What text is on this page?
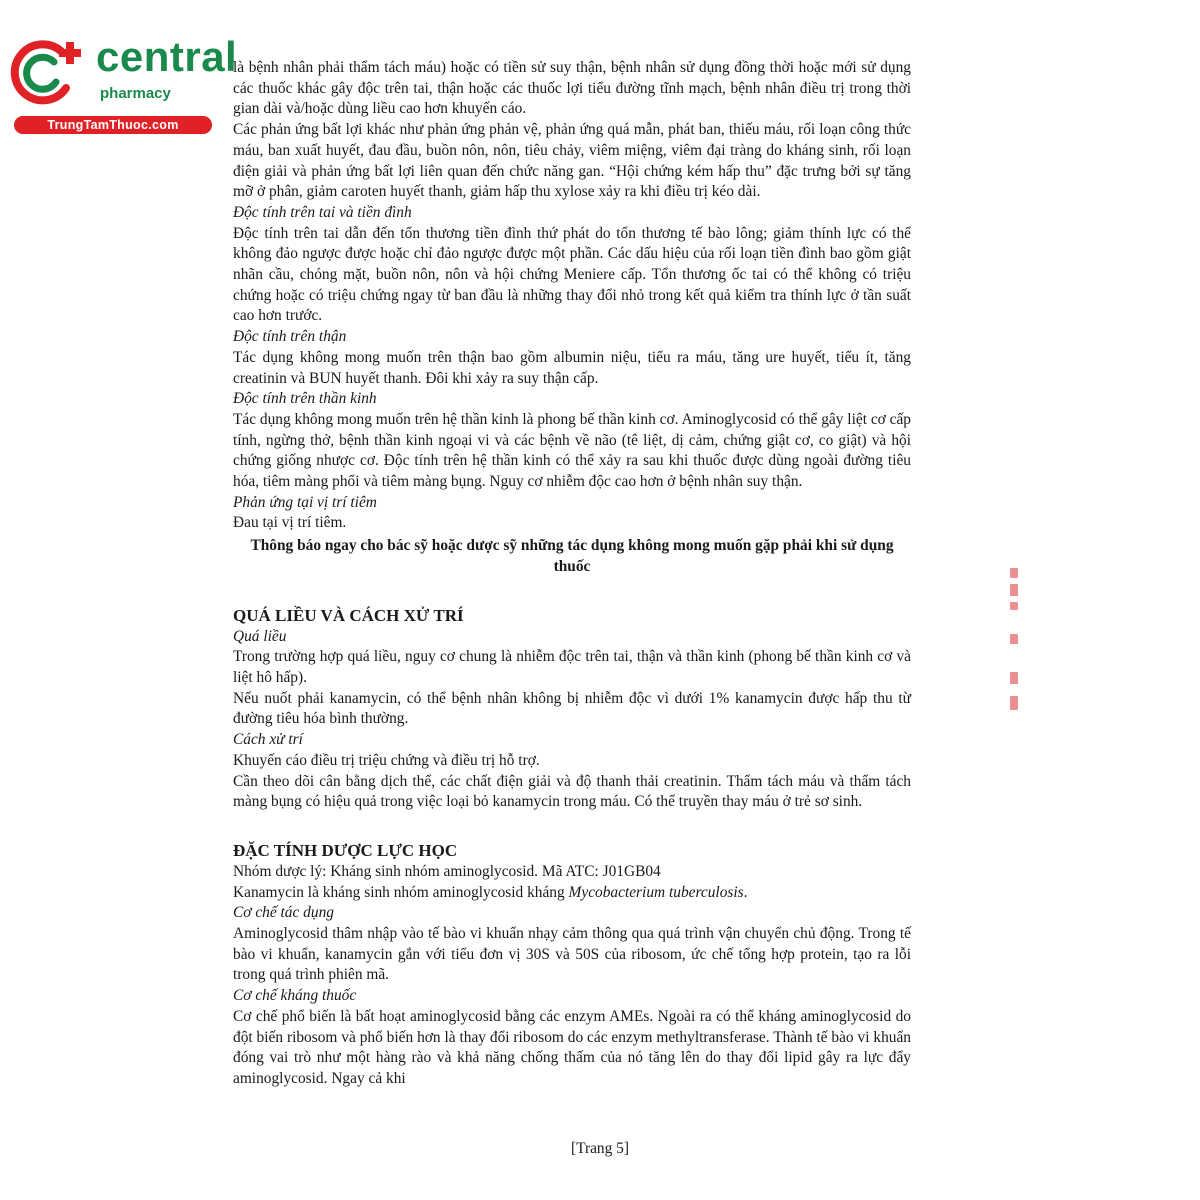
central
pharmacy
TrungTamThuoc.com

là bệnh nhân phải thẩm tách máu) hoặc có tiền sử suy thận, bệnh nhân sử dụng đồng thời hoặc mới sử dụng các thuốc khác gây độc trên tai, thận hoặc các thuốc lợi tiểu đường tĩnh mạch, bệnh nhân điều trị trong thời gian dài và/hoặc dùng liều cao hơn khuyến cáo.

Các phản ứng bất lợi khác như phản ứng phản vệ, phản ứng quá mẫn, phát ban, thiếu máu, rối loạn công thức máu, ban xuất huyết, đau đầu, buồn nôn, nôn, tiêu chảy, viêm miệng, viêm đại tràng do kháng sinh, rối loạn điện giải và phản ứng bất lợi liên quan đến chức năng gan. “Hội chứng kém hấp thu” đặc trưng bởi sự tăng mỡ ở phân, giảm caroten huyết thanh, giảm hấp thu xylose xảy ra khi điều trị kéo dài.

Độc tính trên tai và tiền đình

Độc tính trên tai dẫn đến tổn thương tiền đình thứ phát do tổn thương tế bào lông; giảm thính lực có thể không đảo ngược được hoặc chỉ đảo ngược được một phần. Các dấu hiệu của rối loạn tiền đình bao gồm giật nhãn cầu, chóng mặt, buồn nôn, nôn và hội chứng Meniere cấp. Tổn thương ốc tai có thể không có triệu chứng hoặc có triệu chứng ngay từ ban đầu là những thay đổi nhỏ trong kết quả kiểm tra thính lực ở tần suất cao hơn trước.

Độc tính trên thận

Tác dụng không mong muốn trên thận bao gồm albumin niệu, tiểu ra máu, tăng ure huyết, tiểu ít, tăng creatinin và BUN huyết thanh. Đôi khi xảy ra suy thận cấp.

Độc tính trên thần kinh

Tác dụng không mong muốn trên hệ thần kinh là phong bế thần kinh cơ. Aminoglycosid có thể gây liệt cơ cấp tính, ngừng thở, bệnh thần kinh ngoại vi và các bệnh về não (tê liệt, dị cảm, chứng giật cơ, co giật) và hội chứng giống nhược cơ. Độc tính trên hệ thần kinh có thể xảy ra sau khi thuốc được dùng ngoài đường tiêu hóa, tiêm màng phổi và tiêm màng bụng. Nguy cơ nhiễm độc cao hơn ở bệnh nhân suy thận.

Phản ứng tại vị trí tiêm

Đau tại vị trí tiêm.

Thông báo ngay cho bác sỹ hoặc dược sỹ những tác dụng không mong muốn gặp phải khi sử dụng thuốc

QUÁ LIỀU VÀ CÁCH XỬ TRÍ

Quá liều

Trong trường hợp quá liều, nguy cơ chung là nhiễm độc trên tai, thận và thần kinh (phong bế thần kinh cơ và liệt hô hấp).

Nếu nuốt phải kanamycin, có thể bệnh nhân không bị nhiễm độc vì dưới 1% kanamycin được hấp thu từ đường tiêu hóa bình thường.

Cách xử trí

Khuyến cáo điều trị triệu chứng và điều trị hỗ trợ.

Cần theo dõi cân bằng dịch thể, các chất điện giải và độ thanh thải creatinin. Thẩm tách máu và thẩm tách màng bụng có hiệu quả trong việc loại bỏ kanamycin trong máu. Có thể truyền thay máu ở trẻ sơ sinh.

ĐẶC TÍNH DƯỢC LỰC HỌC

Nhóm dược lý: Kháng sinh nhóm aminoglycosid. Mã ATC: J01GB04

Kanamycin là kháng sinh nhóm aminoglycosid kháng Mycobacterium tuberculosis.

Cơ chế tác dụng

Aminoglycosid thâm nhập vào tế bào vi khuẩn nhạy cảm thông qua quá trình vận chuyển chủ động. Trong tế bào vi khuẩn, kanamycin gắn với tiểu đơn vị 30S và 50S của ribosom, ức chế tổng hợp protein, tạo ra lỗi trong quá trình phiên mã.

Cơ chế kháng thuốc

Cơ chế phổ biến là bất hoạt aminoglycosid bằng các enzym AMEs. Ngoài ra có thể kháng aminoglycosid do đột biến ribosom và phổ biến hơn là thay đổi ribosom do các enzym methyltransferase. Thành tế bào vi khuẩn đóng vai trò như một hàng rào và khả năng chống thấm của nó tăng lên do thay đổi lipid gây ra lực đẩy aminoglycosid. Ngay cả khi

[Trang 5]
